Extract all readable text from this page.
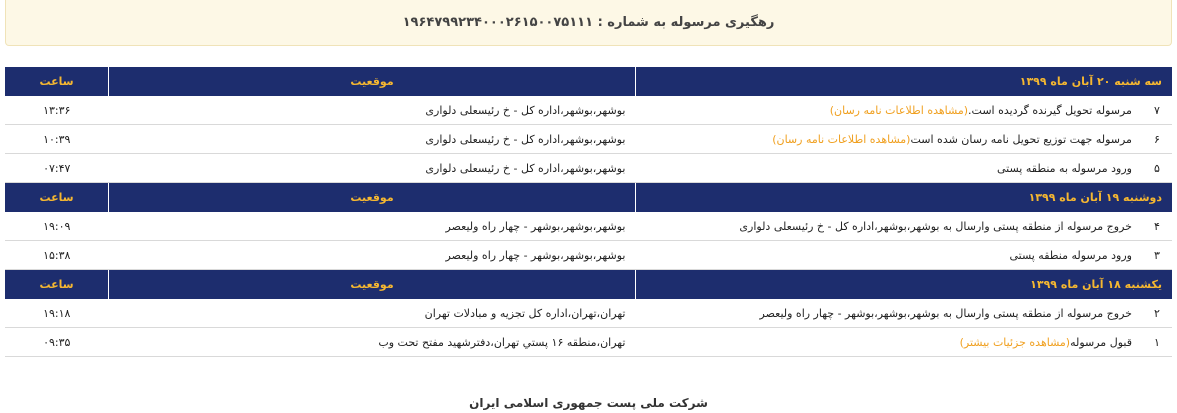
رهگیری مرسوله به شماره : ۱۹۶۴۷۹۹۲۳۴۰۰۰۲۶۱۵۰۰۷۵۱۱۱
سه شنبه ۲۰ آبان ماه ۱۳۹۹		موقعیت	ساعت
۷	مرسوله تحویل گیرنده گردیده است.(مشاهده اطلاعات نامه رسان)	بوشهر،بوشهر،اداره کل - خ رئیسعلی دلواری	۱۳:۳۶
۶	مرسوله جهت توزیع تحویل نامه رسان شده است(مشاهده اطلاعات نامه رسان)	بوشهر،بوشهر،اداره کل - خ رئیسعلی دلواری	۱۰:۳۹
۵	ورود مرسوله به منطقه پستی	بوشهر،بوشهر،اداره کل - خ رئیسعلی دلواری	۰۷:۴۷
دوشنبه ۱۹ آبان ماه ۱۳۹۹		موقعیت	ساعت
۴	خروج مرسوله از منطقه پستی وارسال به بوشهر،بوشهر،اداره کل - خ رئیسعلی دلواری	بوشهر،بوشهر،بوشهر - چهار راه ولیعصر	۱۹:۰۹
۳	ورود مرسوله منطقه پستی	بوشهر،بوشهر،بوشهر - چهار راه ولیعصر	۱۵:۳۸
یکشنبه ۱۸ آبان ماه ۱۳۹۹		موقعیت	ساعت
۲	خروج مرسوله از منطقه پستی وارسال به بوشهر،بوشهر،بوشهر - چهار راه ولیعصر	تهران،تهران،اداره کل تجزیه و مبادلات تهران	۱۹:۱۸
۱	قبول مرسوله(مشاهده جزئیات بیشتر)	تهران،منطقه ۱۶ پستي تهران،دفترشهید مفتح تحت وب	۰۹:۳۵
شرکت ملی پست جمهوری اسلامی ایران
